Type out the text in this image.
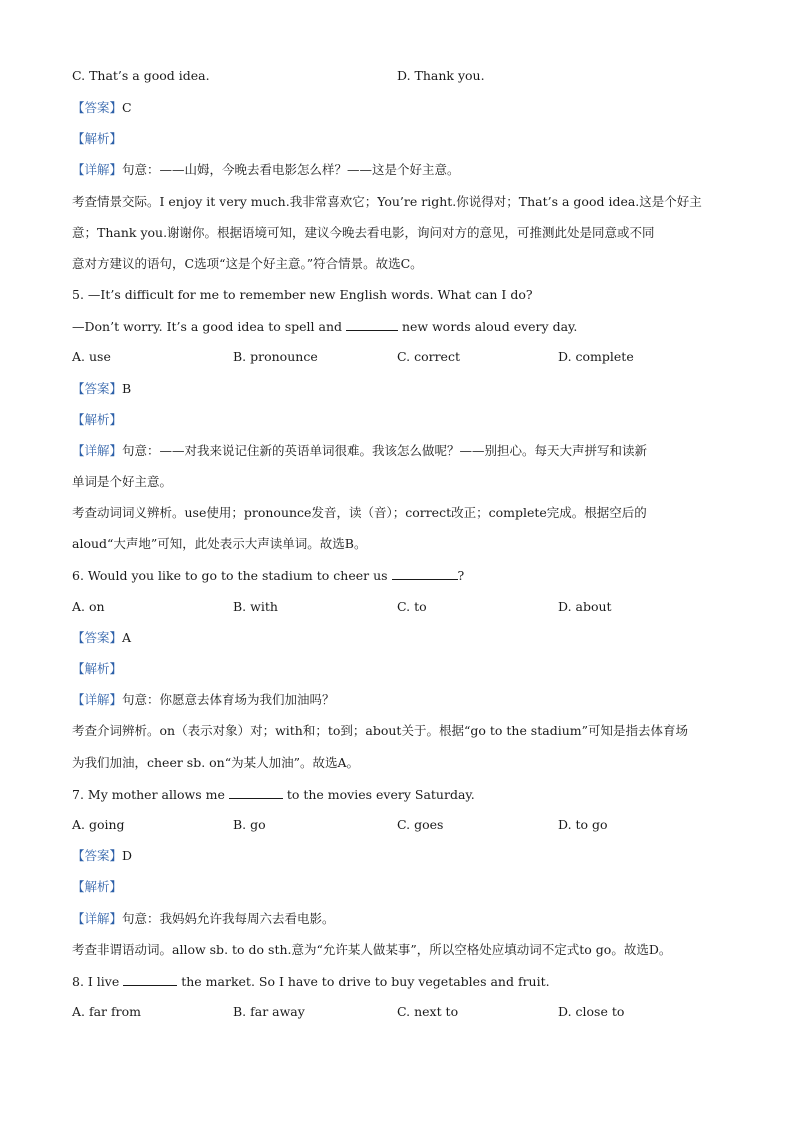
C. That’s a good idea.	D. Thank you.
【答案】C
【解析】
【详解】句意：——山姆，今晚去看电影怎么样？——这是个好主意。
考查情景交际。I enjoy it very much.我非常喜欢它；You’re right.你说得对；That’s a good idea.这是个好主
意；Thank you.谢谢你。根据语境可知，建议今晚去看电影，询问对方的意见，可推测此处是同意或不同
意对方建议的语句，C选项“这是个好主意。”符合情景。故选C。
5. —It’s difficult for me to remember new English words. What can I do?
—Don’t worry. It’s a good idea to spell and	new words aloud every day.
A. use	B. pronounce	C. correct	D. complete
【答案】B
【解析】
【详解】句意：——对我来说记住新的英语单词很难。我该怎么做呢？——别担心。每天大声拼写和读新
单词是个好主意。
考查动词词义辨析。use使用；pronounce发音，读（音）；correct改正；complete完成。根据空后的
aloud“大声地”可知，此处表示大声读单词。故选B。
6. Would you like to go to the stadium to cheer us	?
A. on	B. with	C. to	D. about
【答案】A
【解析】
【详解】句意：你愿意去体育场为我们加油吗？
考查介词辨析。on（表示对象）对；with和；to到；about关于。根据“go to the stadium”可知是指去体育场
为我们加油，cheer sb. on“为某人加油”。故选A。
7. My mother allows me	to the movies every Saturday.
A. going	B. go	C. goes	D. to go
【答案】D
【解析】
【详解】句意：我妈妈允许我每周六去看电影。
考查非谓语动词。allow sb. to do sth.意为“允许某人做某事”，所以空格处应填动词不定式to go。故选D。
8. I live	the market. So I have to drive to buy vegetables and fruit.
A. far from	B. far away	C. next to	D. close to
